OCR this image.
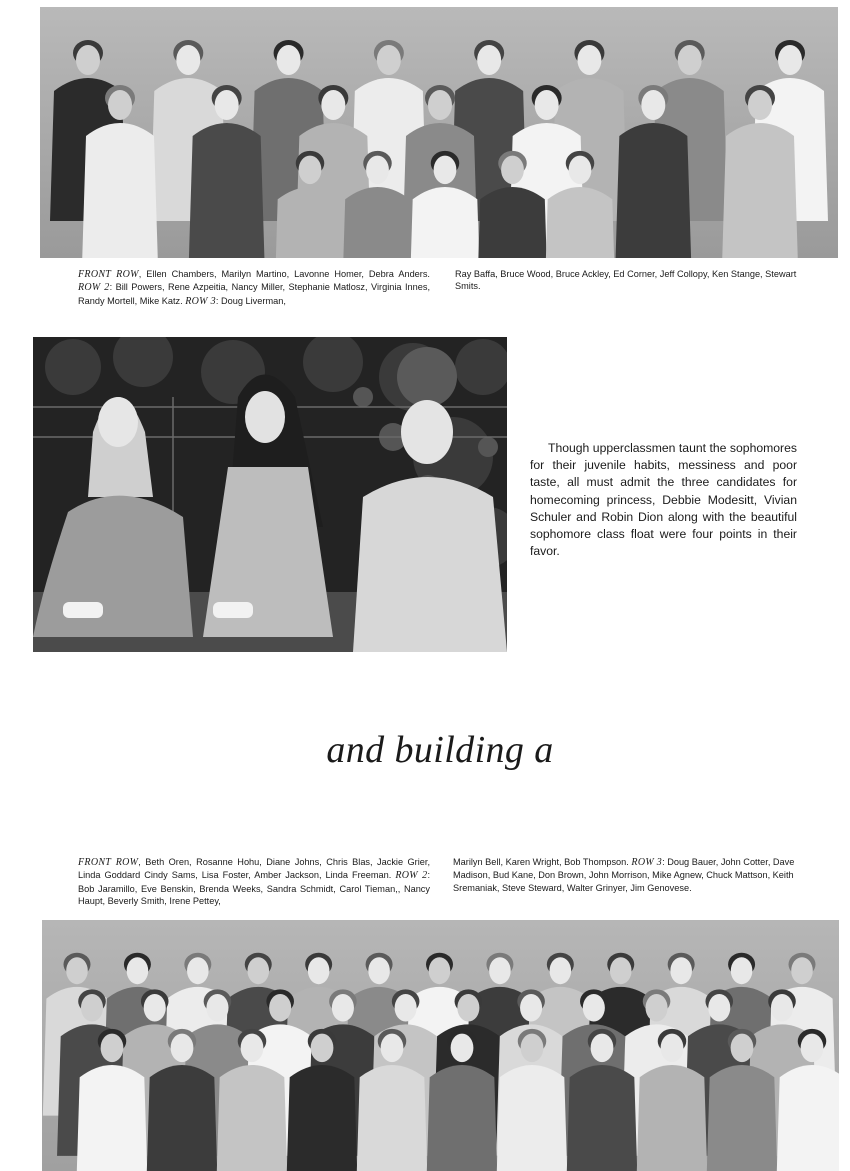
FRONT ROW, Ellen Chambers, Marilyn Martino, Lavonne Homer, Debra Anders. ROW 2: Bill Powers, Rene Azpeitia, Nancy Miller, Stephanie Matlosz, Virginia Innes, Randy Mortell, Mike Katz. ROW 3: Doug Liverman,
Ray Baffa, Bruce Wood, Bruce Ackley, Ed Corner, Jeff Collopy, Ken Stange, Stewart Smits.
Though upperclassmen taunt the sophomores for their juvenile habits, messiness and poor taste, all must admit the three candidates for homecoming princess, Debbie Modesitt, Vivian Schuler and Robin Dion along with the beautiful sophomore class float were four points in their favor.
and building a
FRONT ROW, Beth Oren, Rosanne Hohu, Diane Johns, Chris Blas, Jackie Grier, Linda Goddard Cindy Sams, Lisa Foster, Amber Jackson, Linda Freeman. ROW 2: Bob Jaramillo, Eve Benskin, Brenda Weeks, Sandra Schmidt, Carol Tieman,, Nancy Haupt, Beverly Smith, Irene Pettey,
Marilyn Bell, Karen Wright, Bob Thompson. ROW 3: Doug Bauer, John Cotter, Dave Madison, Bud Kane, Don Brown, John Morrison, Mike Agnew, Chuck Mattson, Keith Sremaniak, Steve Steward, Walter Grinyer, Jim Genovese.
